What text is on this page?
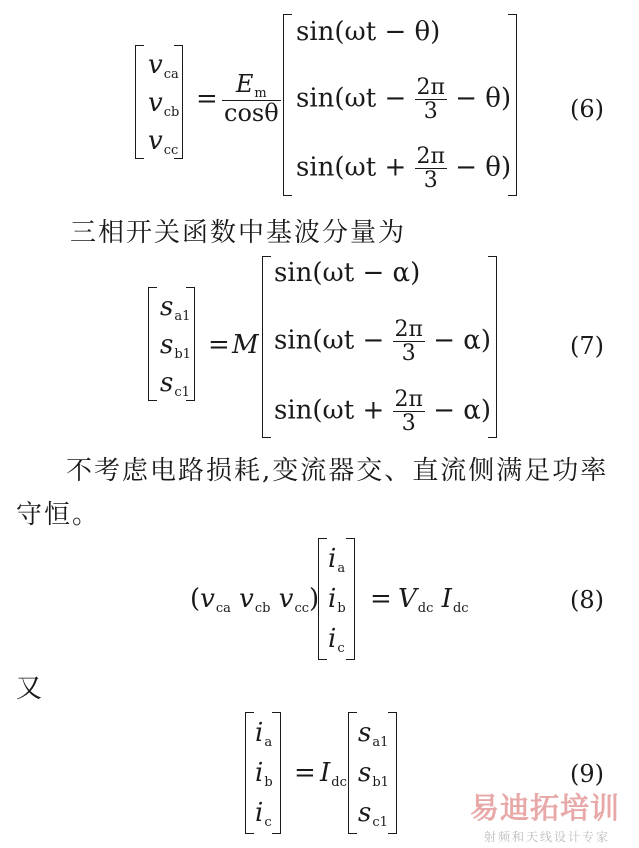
$v_{ca}$
$v_{cb}$
$v_{cc}$
= $\frac{E_m}{\cos\theta}$
sin(ωt − θ)
$\sin(\omega t - \frac{2\pi}{3} - \theta)$
$\sin(\omega t + \frac{2\pi}{3} - \theta)$
(6)
三相开关函数中基波分量为
$s_{a1}$
$s_{b1}$
$s_{c1}$
= M
sin(ωt − α)
$\sin(\omega t - \frac{2\pi}{3} - \alpha)$
$\sin(\omega t + \frac{2\pi}{3} - \alpha)$
(7)
不考虑电路损耗,变流器交、直流侧满足功率
守恒。
($v_{ca}$ $v_{cb}$ $v_{cc}$)
$i_a$
$i_b$
$i_c$
= $V_{dc}$ $I_{dc}$	(8)
又
$i_a$
$i_b$
$i_c$
= $I_{dc}$
$s_{a1}$
$s_{b1}$
$s_{c1}$
(9)
易迪拓培训
射频和天线设计专家
